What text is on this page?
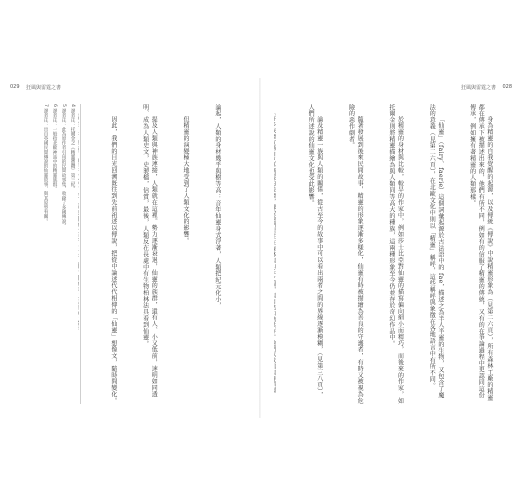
029 狂風與雷霆之書

論起，人類的身材幾乎與樹等高：音年仙靈身式浮著，人類把紀元化小，

但精靈的演變極大地受到了人類文化的影響。

提及人類與神族連接，人類就在這裡。勢力逐漸衰退，仙靈的族群，還有人、小又低前，速明如同透明、成為人類史文，史製檔，信賞，最後，人類反在長處中有生物柏林法具看到仙靈。

因此，我們的目光回溯既往到先前祖述以傳說，把從中論述代代相傳的「仙靈」想像文，隨時間變化。

4 譯者注：托爾金之《精靈寶鑽》第三紀。
5 譯者注：此為原作者引用的民間故事集，收錄了多國傳說。
6 譯者注：一般指北歐神話中的精靈族群。
7 譯者注：出自英國民間傳說的仙靈故事，與其原型有關。
狂風與雷霆之書 028

身為精靈的自我覺醒的起源，以及傳統《傳說》中說精靈形象為（見第二六頁），所有森林工廠的精靈都在傳承下被描述出來的，他們有所不同，例如有的信服了精靈的傳統，又有的在爭論過程中更認同這份傳承，例如擁有著精靈的人類那樣。

「仙靈」（fairy、faerie）這個詞彙起源於古法語中的 fae，描述之為半人半靈的生物，又包含了魔法的意義（見第二六頁），在北歐文化中則以「精靈」稱呼，這些稱呼與象徵在各地語言中有所不同。

於精靈的身材與比較，較早的作家中，例如莎士比亞對仙靈的描寫偏向細小而精巧，而後來的作家，如托爾金則將精靈描繪為與人類同等高大的種族，這兩種形象至今仍並存於奇幻作品中。

隨著發展到後來民間故事，精靈的形象逐漸多樣化，仙靈有時被描繪為善良的守護者，有時又被視為危險的惡作劇者。

論及精靈一族與人類的關係，從古至今的故事中可以看出兩者之間的界線逐漸模糊，（見第三八頁），人們所述說的仙靈文化也受此影響。
